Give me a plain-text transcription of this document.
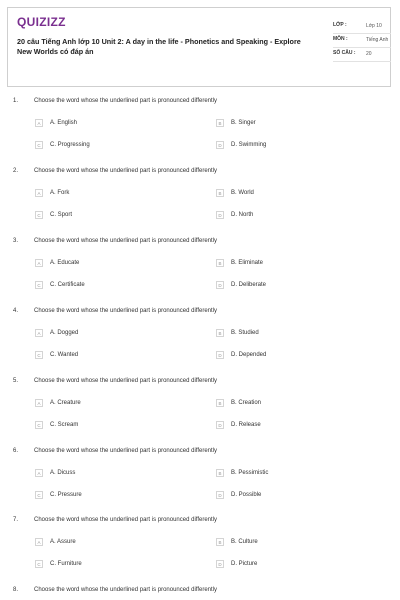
QUIZIZZ
20 câu Tiếng Anh lớp 10 Unit 2: A day in the life - Phonetics and Speaking - Explore New Worlds có đáp án
LỚP :	Lớp 10
MÔN :	Tiếng Anh
SỐ CÂU :	20
1.	Choose the word whose the underlined part is pronounced differently
A	A. English	B	B. Singer
C	C. Progressing	D	D. Swimming
2.	Choose the word whose the underlined part is pronounced differently
A	A. Fork	B	B. World
C	C. Sport	D	D. North
3.	Choose the word whose the underlined part is pronounced differently
A	A. Educate	B	B. Eliminate
C	C. Certificate	D	D. Deliberate
4.	Choose the word whose the underlined part is pronounced differently
A	A. Dogged	B	B. Studied
C	C. Wanted	D	D. Depended
5.	Choose the word whose the underlined part is pronounced differently
A	A. Creature	B	B. Creation
C	C. Scream	D	D. Release
6.	Choose the word whose the underlined part is pronounced differently
A	A. Dicuss	B	B. Pessimistic
C	C. Pressure	D	D. Possible
7.	Choose the word whose the underlined part is pronounced differently
A	A. Assure	B	B. Culture
C	C. Furniture	D	D. Picture
8.	Choose the word whose the underlined part is pronounced differently
